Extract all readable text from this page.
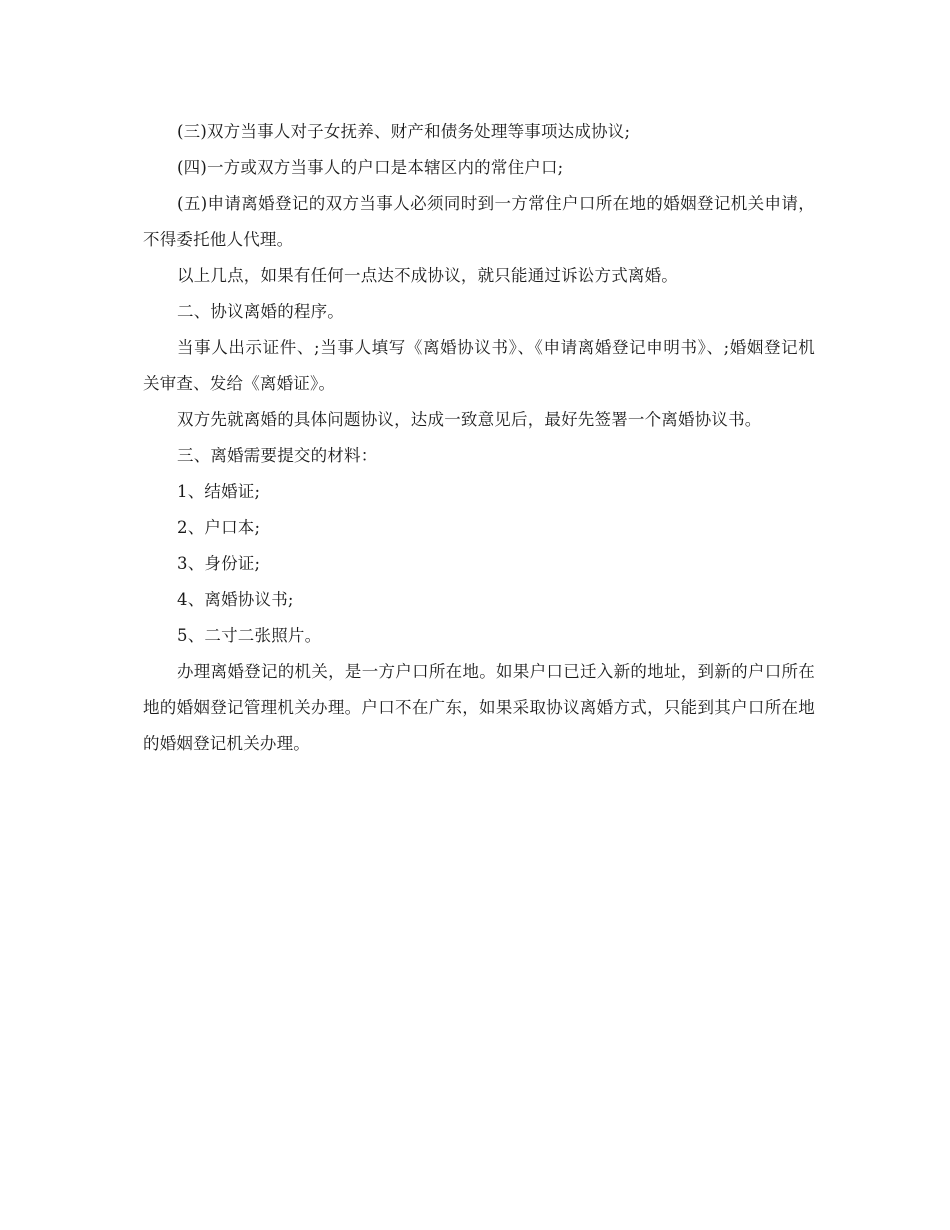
(三)双方当事人对子女抚养、财产和债务处理等事项达成协议;

(四)一方或双方当事人的户口是本辖区内的常住户口;

(五)申请离婚登记的双方当事人必须同时到一方常住户口所在地的婚姻登记机关申请，不得委托他人代理。

以上几点，如果有任何一点达不成协议，就只能通过诉讼方式离婚。

二、协议离婚的程序。

当事人出示证件、;当事人填写《离婚协议书》、《申请离婚登记申明书》、;婚姻登记机关审查、发给《离婚证》。

双方先就离婚的具体问题协议，达成一致意见后，最好先签署一个离婚协议书。

三、离婚需要提交的材料：

1、结婚证;

2、户口本;

3、身份证;

4、离婚协议书;

5、二寸二张照片。

办理离婚登记的机关，是一方户口所在地。如果户口已迁入新的地址，到新的户口所在地的婚姻登记管理机关办理。户口不在广东，如果采取协议离婚方式，只能到其户口所在地的婚姻登记机关办理。
